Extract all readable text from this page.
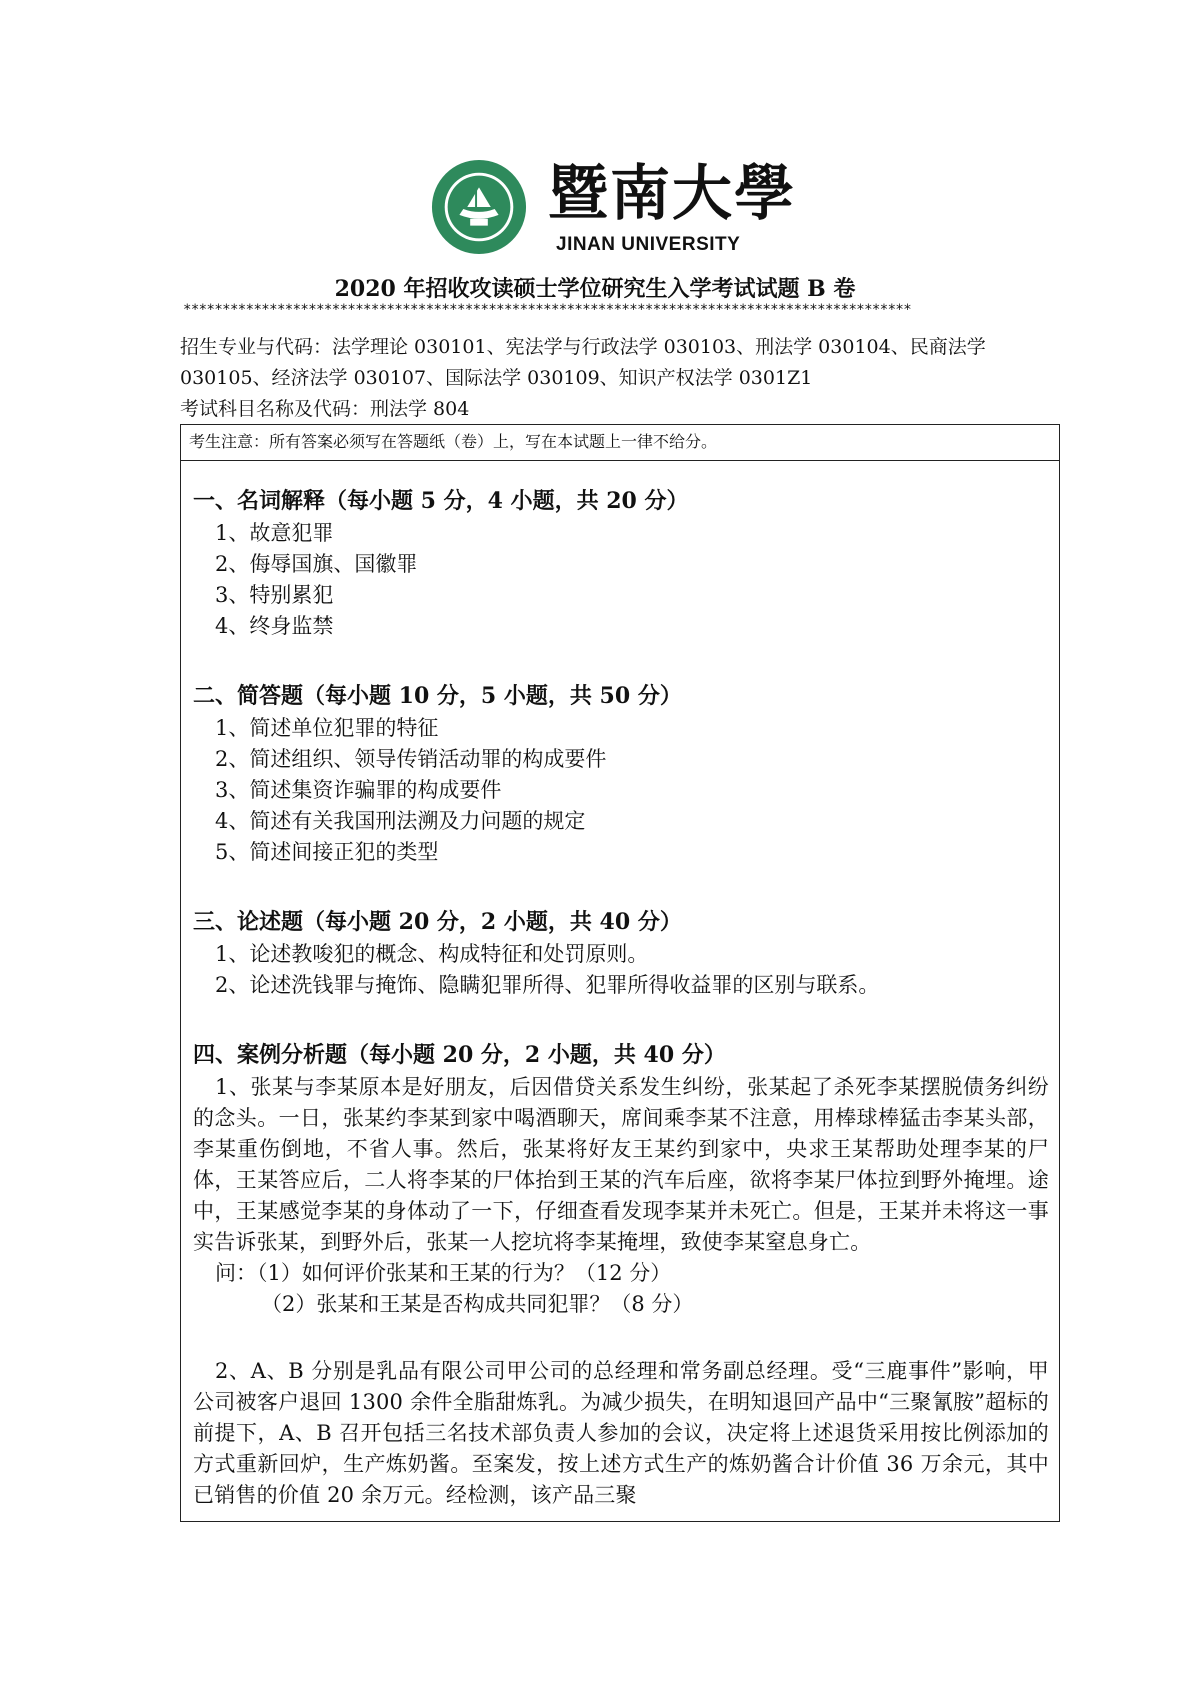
暨南大學
JINAN UNIVERSITY
2020 年招收攻读硕士学位研究生入学考试试题 B 卷
*********************************************************************************************
招生专业与代码：法学理论 030101、宪法学与行政法学 030103、刑法学 030104、民商法学
030105、经济法学 030107、国际法学 030109、知识产权法学 0301Z1
考试科目名称及代码：刑法学 804
考生注意：所有答案必须写在答题纸（卷）上，写在本试题上一律不给分。
一、名词解释（每小题 5 分，4 小题，共 20 分）
1、故意犯罪
2、侮辱国旗、国徽罪
3、特别累犯
4、终身监禁
二、简答题（每小题 10 分，5 小题，共 50 分）
1、简述单位犯罪的特征
2、简述组织、领导传销活动罪的构成要件
3、简述集资诈骗罪的构成要件
4、简述有关我国刑法溯及力问题的规定
5、简述间接正犯的类型
三、论述题（每小题 20 分，2 小题，共 40 分）
1、论述教唆犯的概念、构成特征和处罚原则。
2、论述洗钱罪与掩饰、隐瞒犯罪所得、犯罪所得收益罪的区别与联系。
四、案例分析题（每小题 20 分，2 小题，共 40 分）
1、张某与李某原本是好朋友，后因借贷关系发生纠纷，张某起了杀死李某摆脱债务纠纷的念头。一日，张某约李某到家中喝酒聊天，席间乘李某不注意，用棒球棒猛击李某头部，李某重伤倒地，不省人事。然后，张某将好友王某约到家中，央求王某帮助处理李某的尸体，王某答应后，二人将李某的尸体抬到王某的汽车后座，欲将李某尸体拉到野外掩埋。途中，王某感觉李某的身体动了一下，仔细查看发现李某并未死亡。但是，王某并未将这一事实告诉张某，到野外后，张某一人挖坑将李某掩埋，致使李某窒息身亡。
问：（1）如何评价张某和王某的行为？（12 分）
（2）张某和王某是否构成共同犯罪？（8 分）
2、A、B 分别是乳品有限公司甲公司的总经理和常务副总经理。受“三鹿事件”影响，甲公司被客户退回 1300 余件全脂甜炼乳。为减少损失，在明知退回产品中“三聚氰胺”超标的前提下，A、B 召开包括三名技术部负责人参加的会议，决定将上述退货采用按比例添加的方式重新回炉，生产炼奶酱。至案发，按上述方式生产的炼奶酱合计价值 36 万余元，其中已销售的价值 20 余万元。经检测，该产品三聚
